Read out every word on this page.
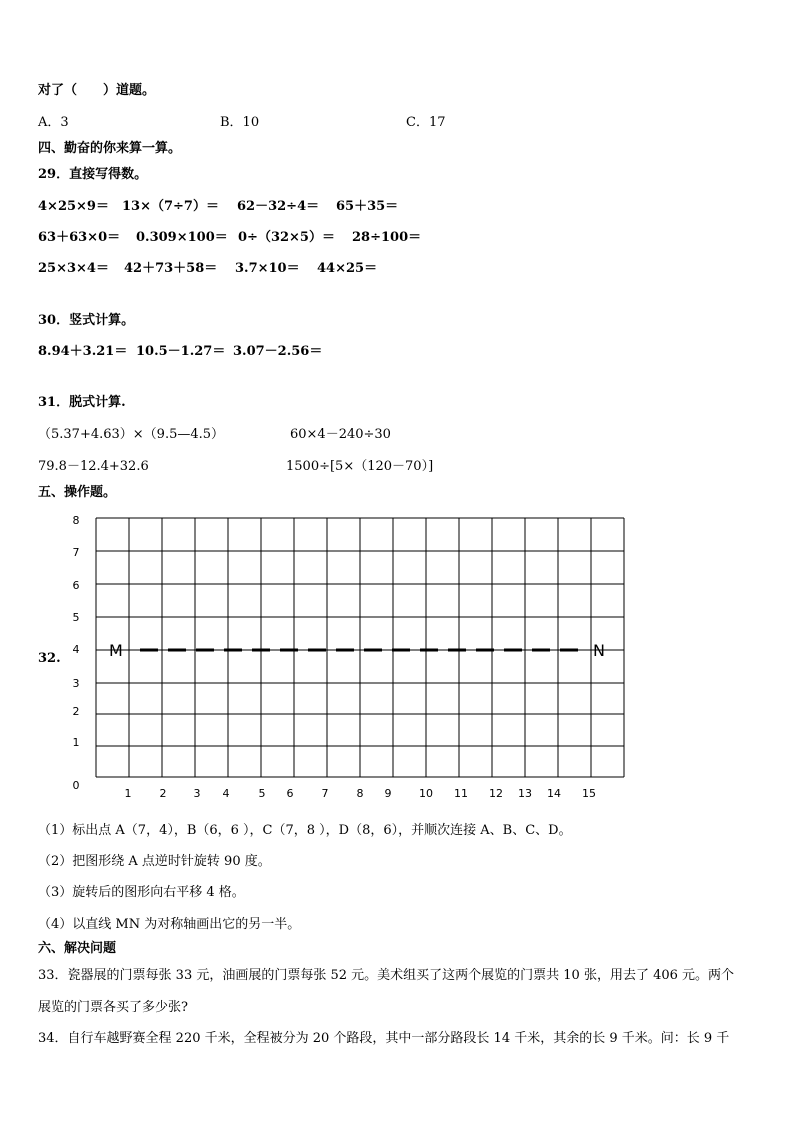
对了（　　）道题。
A．3	B．10	C．17
四、勤奋的你来算一算。
29．直接写得数。
4×25×9＝ 13×（7÷7）＝ 62－32÷4＝ 65＋35＝
63＋63×0＝ 0.309×100＝ 0÷（32×5）＝ 28÷100＝
25×3×4＝ 42＋73＋58＝ 3.7×10＝ 44×25＝
30．竖式计算。
8.94＋3.21＝ 10.5－1.27＝ 3.07－2.56＝
31．脱式计算.
（5.37+4.63）×（9.5—4.5）	60×4－240÷30
79.8－12.4+32.6	1500÷[5×（120－70）]
五、操作题。
32.
1	2 3 4	5 6	7	8 9	10 11 12 13 14 15
0
1
2
3
4
5
6
7
8
M	N
（1）标出点 A（7，4），B（6，6 ），C（7，8 ），D（8，6），并顺次连接 A、B、C、D。
（2）把图形绕 A 点逆时针旋转 90 度。
（3）旋转后的图形向右平移 4 格。
（4）以直线 MN 为对称轴画出它的另一半。
六、解决问题
33．瓷器展的门票每张 33 元，油画展的门票每张 52 元。美术组买了这两个展览的门票共 10 张，用去了 406 元。两个
展览的门票各买了多少张?
34．自行车越野赛全程 220 千米，全程被分为 20 个路段，其中一部分路段长 14 千米，其余的长 9 千米。问：长 9 千
